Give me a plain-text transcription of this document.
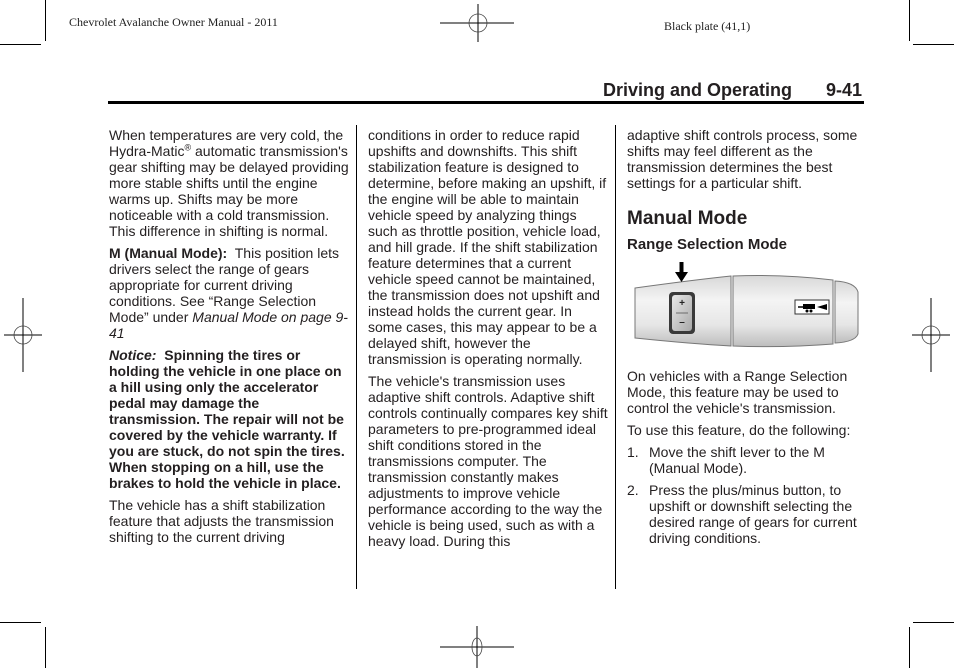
Chevrolet Avalanche Owner Manual - 2011	Black plate (41,1)
Driving and Operating 9-41

When temperatures are very cold, the Hydra-Matic® automatic transmission's gear shifting may be delayed providing more stable shifts until the engine warms up. Shifts may be more noticeable with a cold transmission. This difference in shifting is normal.

M (Manual Mode):  This position lets drivers select the range of gears appropriate for current driving conditions. See “Range Selection Mode” under Manual Mode on page 9-41

Notice:  Spinning the tires or holding the vehicle in one place on a hill using only the accelerator pedal may damage the transmission. The repair will not be covered by the vehicle warranty. If you are stuck, do not spin the tires. When stopping on a hill, use the brakes to hold the vehicle in place.

The vehicle has a shift stabilization feature that adjusts the transmission shifting to the current driving

conditions in order to reduce rapid upshifts and downshifts. This shift stabilization feature is designed to determine, before making an upshift, if the engine will be able to maintain vehicle speed by analyzing things such as throttle position, vehicle load, and hill grade. If the shift stabilization feature determines that a current vehicle speed cannot be maintained, the transmission does not upshift and instead holds the current gear. In some cases, this may appear to be a delayed shift, however the transmission is operating normally.

The vehicle's transmission uses adaptive shift controls. Adaptive shift controls continually compares key shift parameters to pre-programmed ideal shift conditions stored in the transmissions computer. The transmission constantly makes adjustments to improve vehicle performance according to the way the vehicle is being used, such as with a heavy load. During this

adaptive shift controls process, some shifts may feel different as the transmission determines the best settings for a particular shift.

Manual Mode
Range Selection Mode
+
–

On vehicles with a Range Selection Mode, this feature may be used to control the vehicle's transmission.

To use this feature, do the following:

1. Move the shift lever to the M (Manual Mode).
2. Press the plus/minus button, to upshift or downshift selecting the desired range of gears for current driving conditions.
